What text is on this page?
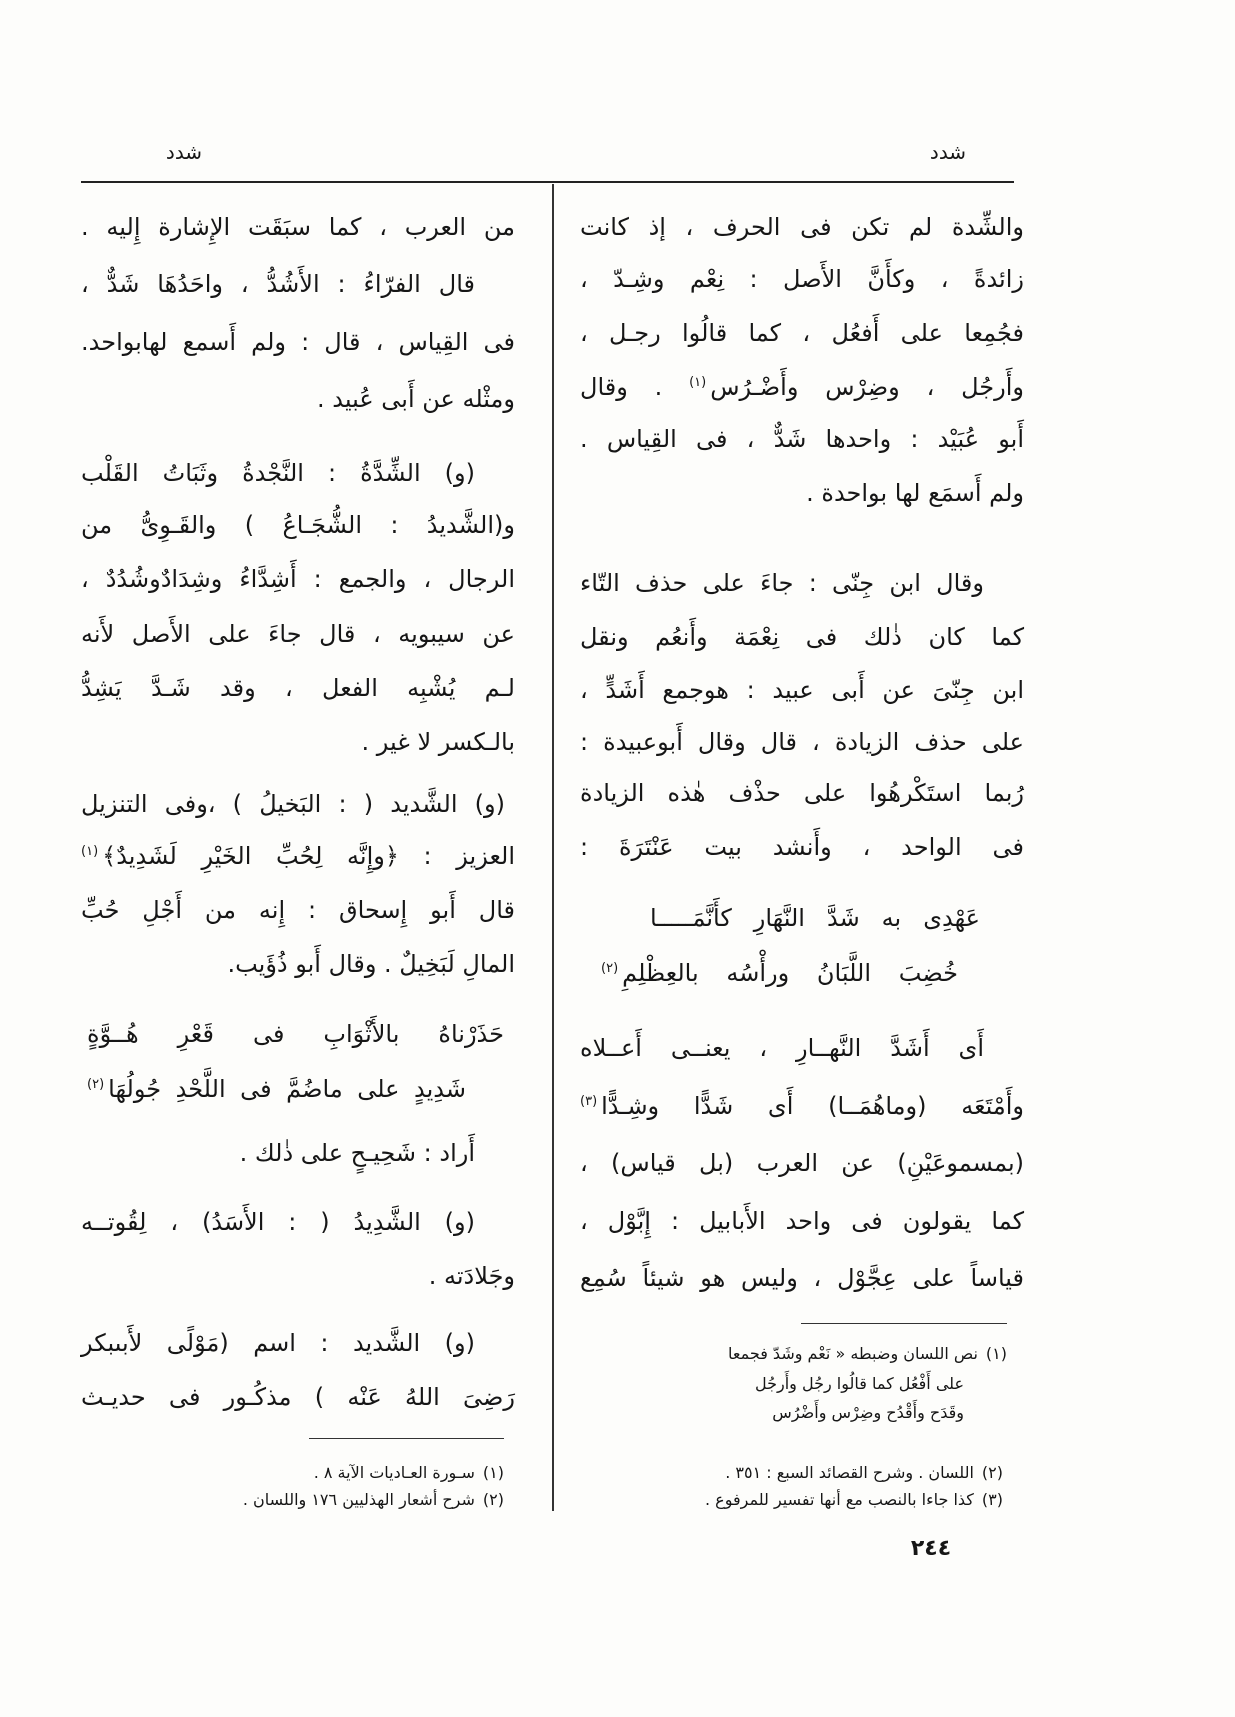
شدد	شدد
والشِّدة لم تكن فى الحرف ، إذ كانت
زائدةً ، وكأَنَّ الأَصل : نِعْم وشِـدّ ،
فجُمِعا على أَفعُل ، كما قالُوا رجـل ،
وأَرجُل ، وضِرْس وأَضْـرُس$^{(١)}$ . وقال
أَبو عُبَيْد : واحدها شَدٌّ ، فى القِياس .
ولم أَسمَع لها بواحدة .
وقال ابن جِنّى : جاءَ على حذف التّاء
كما كان ذٰلك فى نِعْمَة وأَنعُم ونقل
ابن جِنّىَ عن أَبى عبيد : هوجمع أَشَدٍّ ،
على حذف الزيادة ، قال وقال أَبوعبيدة :
رُبما استَكْرهُوا على حذْف هٰذه الزيادة
فى الواحد ، وأَنشد بيت عَنْتَرَةَ :
عَهْدِى به شَدَّ النَّهَارِ كأَنَّمَـــــا
خُضِبَ اللَّبَانُ ورأْسُه بالعِظْلِمِ$^{(٢)}$
أَى أَشَدَّ النَّهــارِ ، يعنــى أَعــلاه
وأَمْتَعَه (وماهُمَــا) أَى شَدًّا وشِـدًّا$^{(٣)}$
(بمسموعَيْنِ) عن العرب (بل قياس) ،
كما يقولون فى واحد الأَبابيل : إِبَّوْل ،
قياساً على عِجَّوْل ، وليس هو شيئاً سُمِع
من العرب ، كما سبَقَت الإِشارة إِليه .
قال الفرّاءُ : الأَشُدُّ ، واحَدُهَا شَدٌّ ،
فى القِياس ، قال : ولم أَسمع لهابواحد.
ومثْله عن أَبى عُبيد .
(و) الشِّدَّةُ : النَّجْدةُ وثَبَاتُ القَلْب
و(الشَّديدُ : الشُّجَـاعُ ) والقَـوِىُّ من
الرجال ، والجمع : أَشِدَّاءُ وشِدَادٌوشُدُدٌ ،
عن سيبويه ، قال جاءَ على الأَصل لأَنه
لـم يُشْبِه الفعل ، وقد شَـدَّ يَشِدُّ
بالـكسر لا غير .
(و) الشَّديد ( : البَخيلُ ) ،وفى التنزيل
العزيز : ﴿وإِنَّه لِحُبِّ الخَيْرِ لَشَدِيدٌ﴾$^{(١)}$
قال أَبو إِسحاق : إِنه من أَجْلِ حُبِّ
المالِ لَبَخِيلٌ . وقال أَبو ذُؤَيب.
حَذَرْناهُ بالأَثْوَابِ فى قَعْرِ هُــوَّةٍ
شَدِيدٍ على ماضُمَّ فى اللَّحْدِ جُولُهَا$^{(٢)}$
أَراد : شَحِيـحٍ على ذٰلك .
(و) الشَّدِيدُ ( : الأَسَدُ) ، لِقُوتــه
وجَلادَته .
(و) الشَّديد : اسم (مَوْلًى لأَبىبكر
رَضِىَ اللهُ عَنْه ) مذكُـور فى حديـث
(١)نص اللسان وضبطه « نَعْم وشَدّ فجمعا
على أَفْعُل كما قالُوا رجُل وأَرجُل
وقَدَح وأَقْدُح وضِرْس وأَضْرُس
(٢)اللسان . وشرح القصائد السبع : ٣٥١ .
(٣)كذا جاءا بالنصب مع أنها تفسير للمرفوع .
(١)سـورة العـاديات الآية ٨ .
(٢)شرح أشعار الهذليين ١٧٦ واللسان .
٢٤٤
